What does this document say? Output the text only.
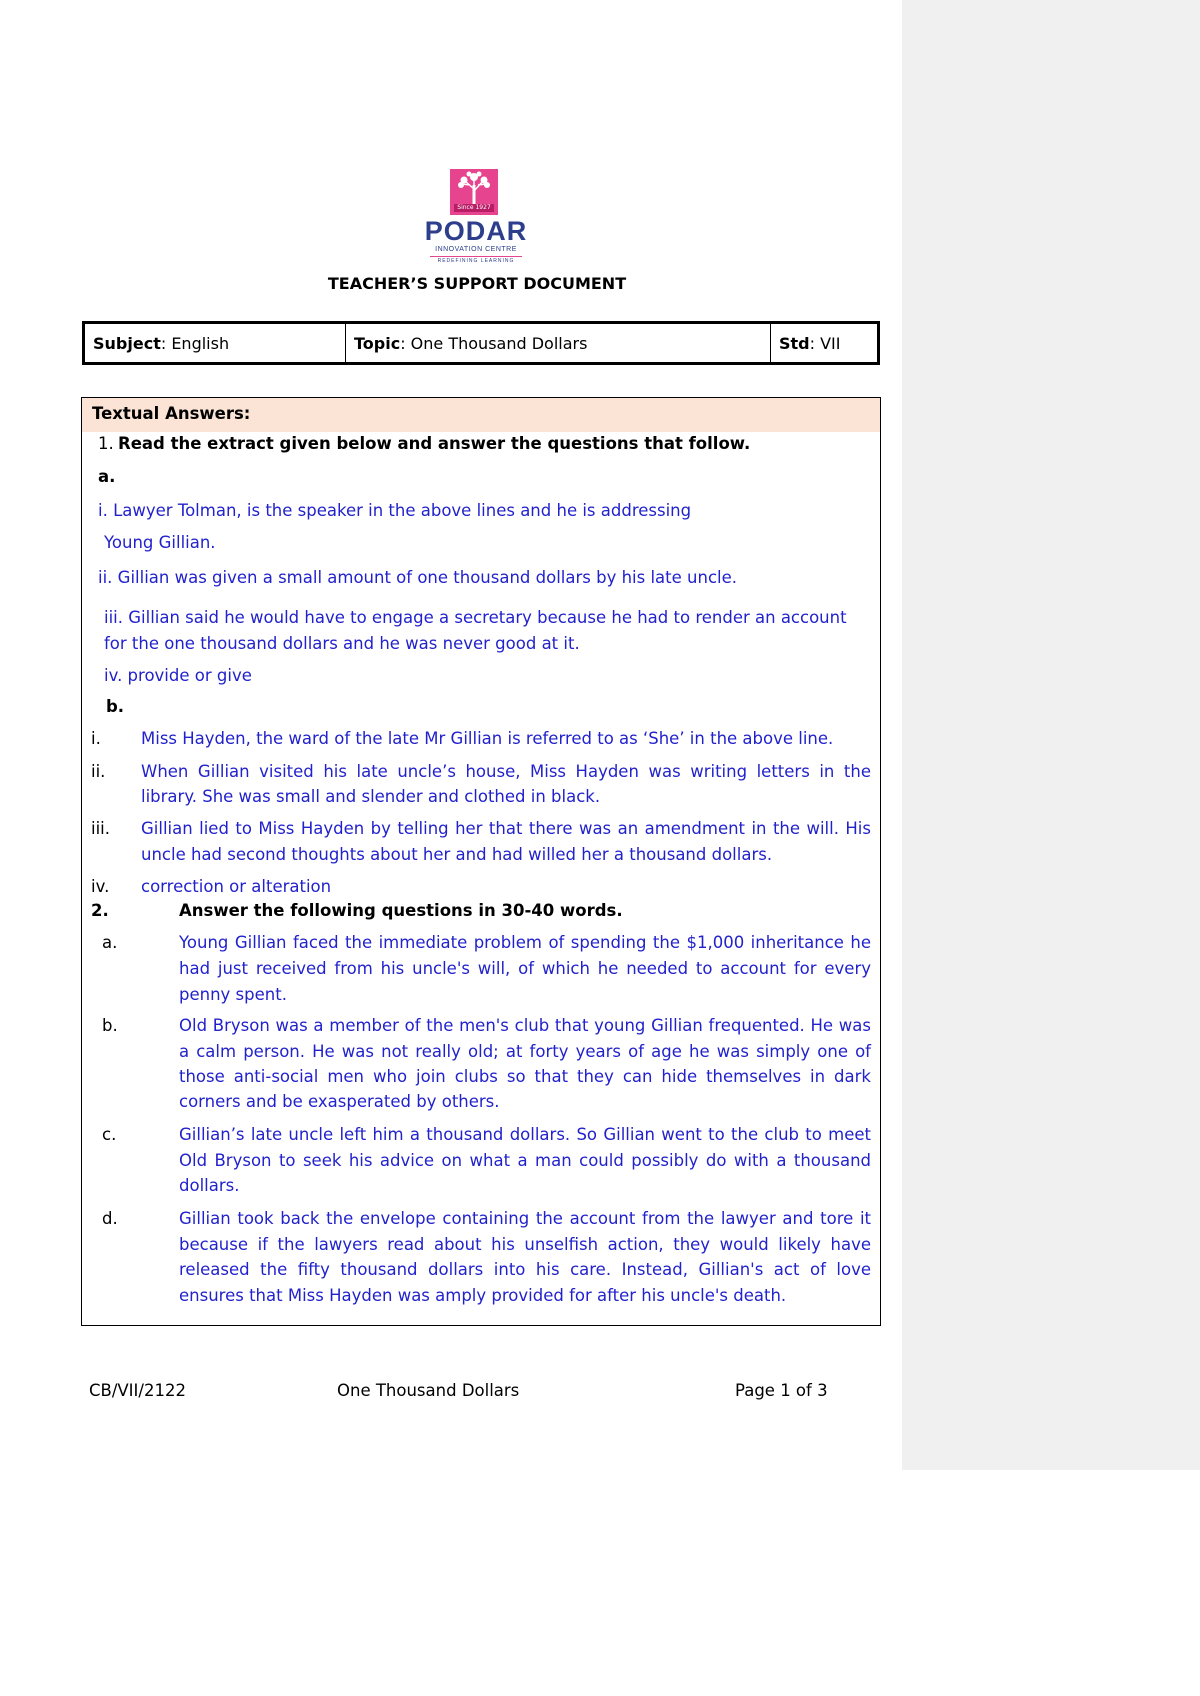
Since 1927
PODAR
INNOVATION CENTRE
REDEFINING LEARNING
TEACHER’S SUPPORT DOCUMENT
Subject : English	Topic : One Thousand Dollars	Std : VII
Textual Answers:
1. Read the extract given below and answer the questions that follow.
a.
i. Lawyer Tolman, is the speaker in the above lines and he is addressing
Young Gillian.
ii. Gillian was given a small amount of one thousand dollars by his late uncle.
iii. Gillian said he would have to engage a secretary because he had to render an account
for the one thousand dollars and he was never good at it.
iv. provide or give
b.
i. Miss Hayden, the ward of the late Mr Gillian is referred to as ‘She’ in the above line.
ii. When Gillian visited his late uncle’s house, Miss Hayden was writing letters in the
library. She was small and slender and clothed in black.
iii. Gillian lied to Miss Hayden by telling her that there was an amendment in the will. His
uncle had second thoughts about her and had willed her a thousand dollars.
iv. correction or alteration
2.	Answer the following questions in 30-40 words.
a.	Young Gillian faced the immediate problem of spending the $1,000 inheritance he
had just received from his uncle's will, of which he needed to account for every
penny spent.
b.	Old Bryson was a member of the men's club that young Gillian frequented. He was
a calm person. He was not really old; at forty years of age he was simply one of
those anti-social men who join clubs so that they can hide themselves in dark
corners and be exasperated by others.
c.	Gillian’s late uncle left him a thousand dollars. So Gillian went to the club to meet
Old Bryson to seek his advice on what a man could possibly do with a thousand
dollars.
d.	Gillian took back the envelope containing the account from the lawyer and tore it
because if the lawyers read about his unselfish action, they would likely have
released the fifty thousand dollars into his care. Instead, Gillian's act of love
ensures that Miss Hayden was amply provided for after his uncle's death.
CB/VII/2122	One Thousand Dollars	Page 1 of 3
